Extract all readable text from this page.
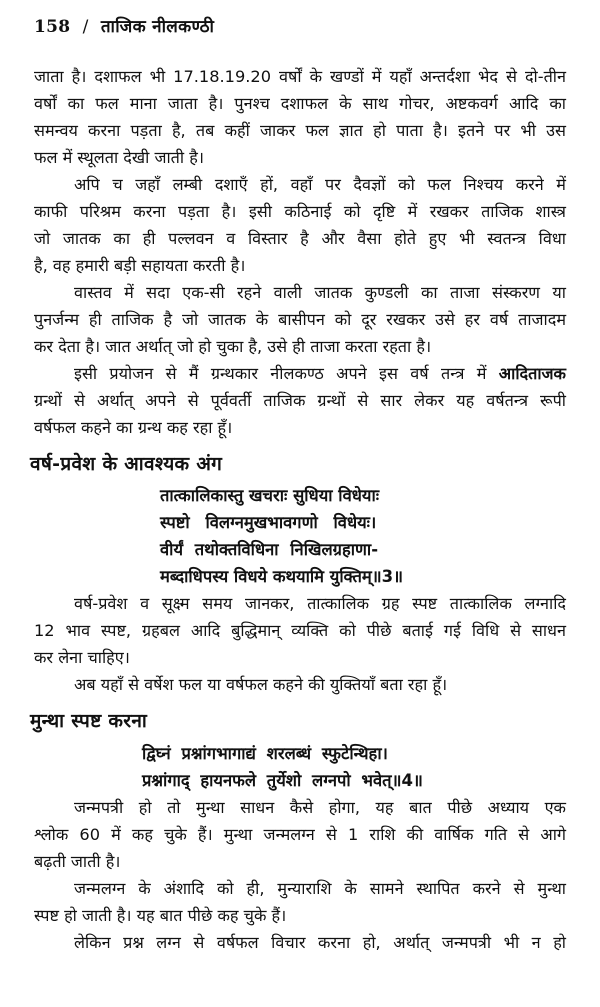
158 / ताजिक नीलकण्ठी
जाता है। दशाफल भी 17.18.19.20 वर्षों के खण्डों में यहाँ अन्तर्दशा भेद से दो-तीन
वर्षों का फल माना जाता है। पुनश्च दशाफल के साथ गोचर, अष्टकवर्ग आदि का
समन्वय करना पड़ता है, तब कहीं जाकर फल ज्ञात हो पाता है। इतने पर भी उस
फल में स्थूलता देखी जाती है।
अपि च जहाँ लम्बी दशाएँ हों, वहाँ पर दैवज्ञों को फल निश्चय करने में
काफी परिश्रम करना पड़ता है। इसी कठिनाई को दृष्टि में रखकर ताजिक शास्त्र
जो जातक का ही पल्लवन व विस्तार है और वैसा होते हुए भी स्वतन्त्र विधा
है, वह हमारी बड़ी सहायता करती है।
वास्तव में सदा एक-सी रहने वाली जातक कुण्डली का ताजा संस्करण या
पुनर्जन्म ही ताजिक है जो जातक के बासीपन को दूर रखकर उसे हर वर्ष ताजादम
कर देता है। जात अर्थात् जो हो चुका है, उसे ही ताजा करता रहता है।
इसी प्रयोजन से मैं ग्रन्थकार नीलकण्ठ अपने इस वर्ष तन्त्र में आदिताजक
ग्रन्थों से अर्थात् अपने से पूर्ववर्ती ताजिक ग्रन्थों से सार लेकर यह वर्षतन्त्र रूपी
वर्षफल कहने का ग्रन्थ कह रहा हूँ।
वर्ष-प्रवेश के आवश्यक अंग
तात्कालिकास्तु खचराः सुधिया विधेयाः
स्पष्टो विलग्नमुखभावगणो विधेयः।
वीर्यं तथोक्तविधिना निखिलग्रहाणा-
मब्दाधिपस्य विधये कथयामि युक्तिम्॥3॥
वर्ष-प्रवेश व सूक्ष्म समय जानकर, तात्कालिक ग्रह स्पष्ट तात्कालिक लग्नादि
12 भाव स्पष्ट, ग्रहबल आदि बुद्धिमान् व्यक्ति को पीछे बताई गई विधि से साधन
कर लेना चाहिए।
अब यहाँ से वर्षेश फल या वर्षफल कहने की युक्तियाँ बता रहा हूँ।
मुन्था स्पष्ट करना
द्विघ्नं प्रश्नांगभागाद्यं शरलब्धं स्फुटेन्थिहा।
प्रश्नांगाद् हायनफले तुर्येशो लग्नपो भवेत्॥4॥
जन्मपत्री हो तो मुन्था साधन कैसे होगा, यह बात पीछे अध्याय एक
श्लोक 60 में कह चुके हैं। मुन्था जन्मलग्न से 1 राशि की वार्षिक गति से आगे
बढ़ती जाती है।
जन्मलग्न के अंशादि को ही, मुन्याराशि के सामने स्थापित करने से मुन्था
स्पष्ट हो जाती है। यह बात पीछे कह चुके हैं।
लेकिन प्रश्न लग्न से वर्षफल विचार करना हो, अर्थात् जन्मपत्री भी न हो
